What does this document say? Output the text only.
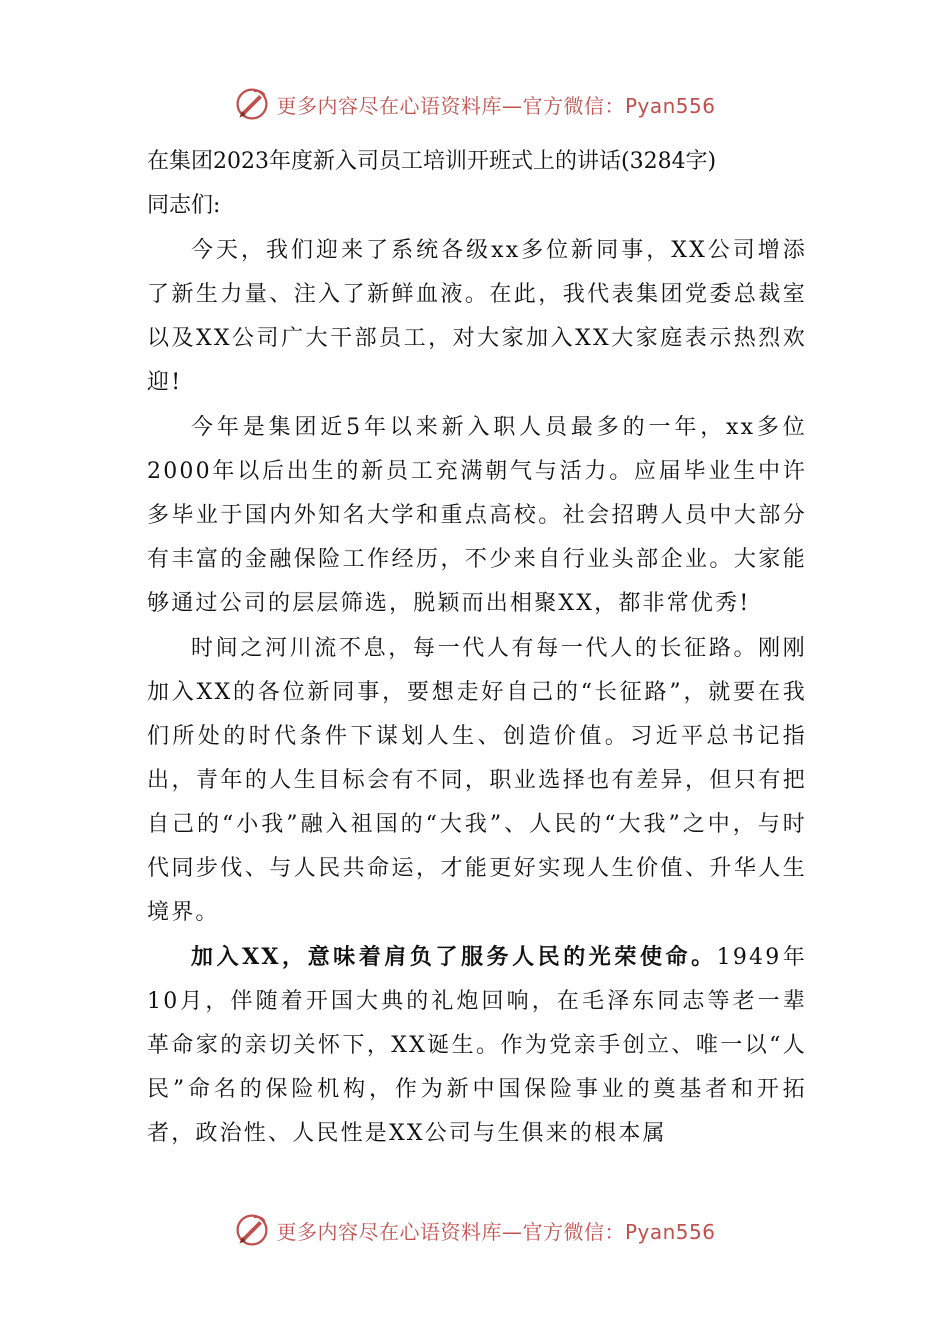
更多内容尽在心语资料库—官方微信：Pyan556

在集团2023年度新入司员工培训开班式上的讲话(3284字)

同志们:

今天，我们迎来了系统各级xx多位新同事，XX公司增添了新生力量、注入了新鲜血液。在此，我代表集团党委总裁室以及XX公司广大干部员工，对大家加入XX大家庭表示热烈欢迎!

今年是集团近5年以来新入职人员最多的一年，xx多位2000年以后出生的新员工充满朝气与活力。应届毕业生中许多毕业于国内外知名大学和重点高校。社会招聘人员中大部分有丰富的金融保险工作经历，不少来自行业头部企业。大家能够通过公司的层层筛选，脱颖而出相聚XX，都非常优秀!

时间之河川流不息，每一代人有每一代人的长征路。刚刚加入XX的各位新同事，要想走好自己的“长征路”，就要在我们所处的时代条件下谋划人生、创造价值。习近平总书记指出，青年的人生目标会有不同，职业选择也有差异，但只有把自己的“小我”融入祖国的“大我”、人民的“大我”之中，与时代同步伐、与人民共命运，才能更好实现人生价值、升华人生境界。

加入XX，意味着肩负了服务人民的光荣使命。1949年10月，伴随着开国大典的礼炮回响，在毛泽东同志等老一辈革命家的亲切关怀下，XX诞生。作为党亲手创立、唯一以“人民”命名的保险机构，作为新中国保险事业的奠基者和开拓者，政治性、人民性是XX公司与生俱来的根本属

更多内容尽在心语资料库—官方微信：Pyan556
